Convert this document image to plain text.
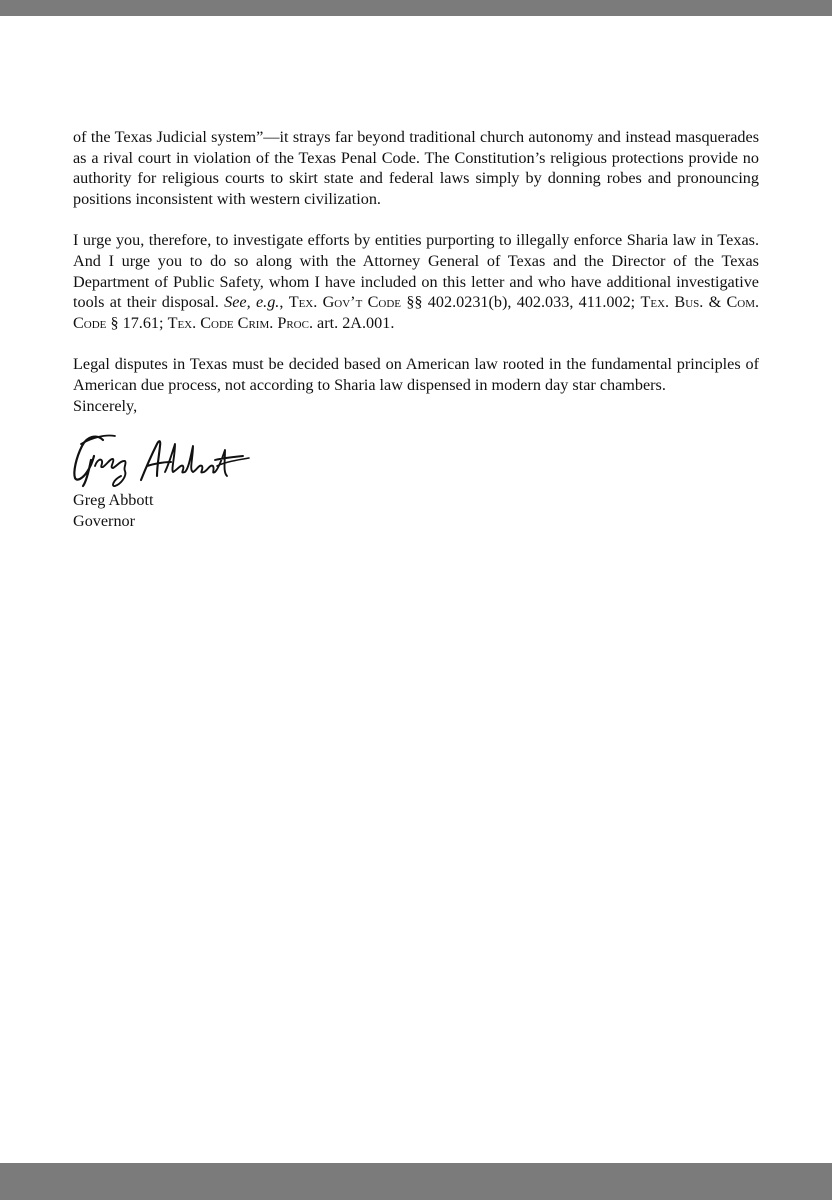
of the Texas Judicial system”—it strays far beyond traditional church autonomy and instead masquerades as a rival court in violation of the Texas Penal Code. The Constitution’s religious protections provide no authority for religious courts to skirt state and federal laws simply by donning robes and pronouncing positions inconsistent with western civilization.

I urge you, therefore, to investigate efforts by entities purporting to illegally enforce Sharia law in Texas. And I urge you to do so along with the Attorney General of Texas and the Director of the Texas Department of Public Safety, whom I have included on this letter and who have additional investigative tools at their disposal. See, e.g., Tex. Gov’t Code §§ 402.0231(b), 402.033, 411.002; Tex. Bus. & Com. Code § 17.61; Tex. Code Crim. Proc. art. 2A.001.

Legal disputes in Texas must be decided based on American law rooted in the fundamental principles of American due process, not according to Sharia law dispensed in modern day star chambers.

Sincerely,

Greg Abbott

Governor
